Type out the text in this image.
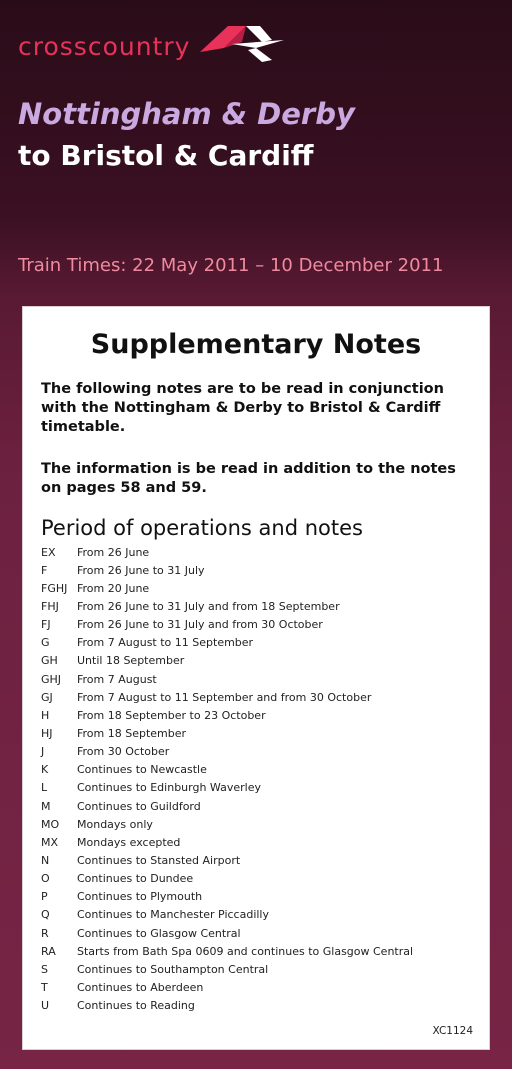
crosscountry
Nottingham & Derby
to Bristol & Cardiff
Train Times: 22 May 2011 – 10 December 2011
Supplementary Notes
The following notes are to be read in conjunction with the Nottingham & Derby to Bristol & Cardiff timetable.
The information is be read in addition to the notes on pages 58 and 59.
Period of operations and notes
EX	From 26 June
F	From 26 June to 31 July
FGHJ From 20 June
FHJ	From 26 June to 31 July and from 18 September
FJ	From 26 June to 31 July and from 30 October
G	From 7 August to 11 September
GH	Until 18 September
GHJ	From 7 August
GJ	From 7 August to 11 September and from 30 October
H	From 18 September to 23 October
HJ	From 18 September
J	From 30 October
K	Continues to Newcastle
L	Continues to Edinburgh Waverley
M	Continues to Guildford
MO	Mondays only
MX	Mondays excepted
N	Continues to Stansted Airport
O	Continues to Dundee
P	Continues to Plymouth
Q	Continues to Manchester Piccadilly
R	Continues to Glasgow Central
RA	Starts from Bath Spa 0609 and continues to Glasgow Central
S	Continues to Southampton Central
T	Continues to Aberdeen
U	Continues to Reading
XC1124
